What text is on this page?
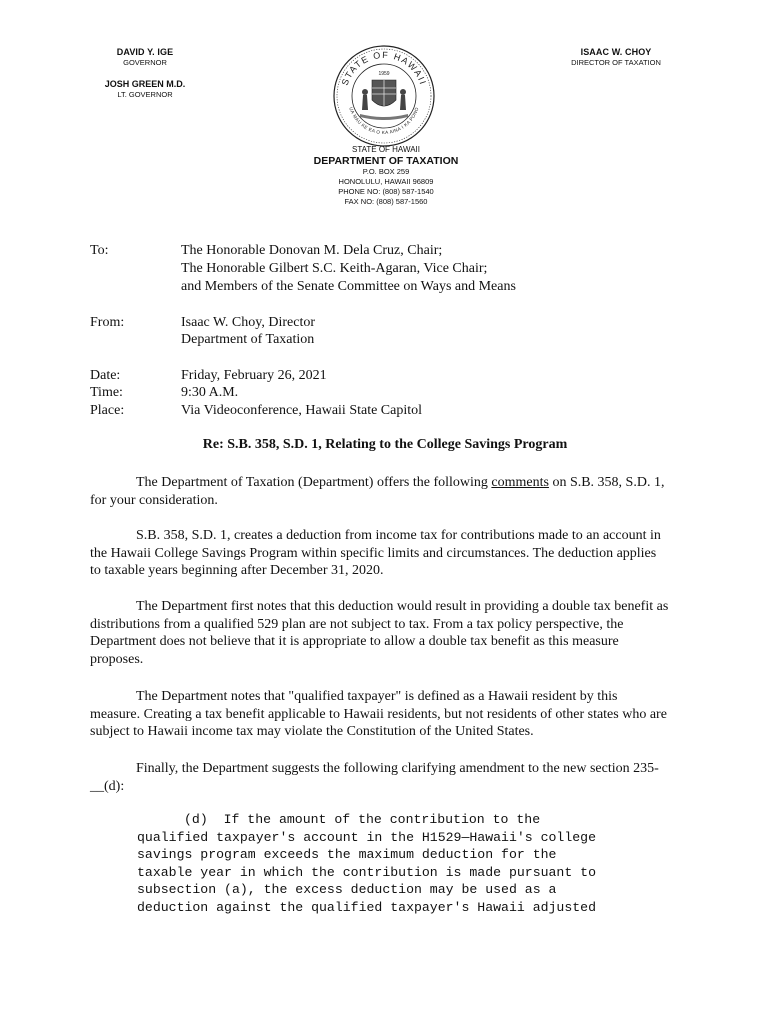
DAVID Y. IGE
GOVERNOR
JOSH GREEN M.D.
LT. GOVERNOR
ISAAC W. CHOY
DIRECTOR OF TAXATION
STATE OF HAWAII
UA MAU KE EA O KA AINA I KA PONO
1959
STATE OF HAWAII
DEPARTMENT OF TAXATION
P.O. BOX 259
HONOLULU, HAWAII 96809
PHONE NO: (808) 587-1540
FAX NO: (808) 587-1560
To:	The Honorable Donovan M. Dela Cruz, Chair;
The Honorable Gilbert S.C. Keith-Agaran, Vice Chair;
and Members of the Senate Committee on Ways and Means
From:	Isaac W. Choy, Director
Department of Taxation
Date:	Friday, February 26, 2021
Time:	9:30 A.M.
Place:	Via Videoconference, Hawaii State Capitol
Re: S.B. 358, S.D. 1, Relating to the College Savings Program
The Department of Taxation (Department) offers the following comments on S.B. 358, S.D. 1, for your consideration.
S.B. 358, S.D. 1, creates a deduction from income tax for contributions made to an account in the Hawaii College Savings Program within specific limits and circumstances. The deduction applies to taxable years beginning after December 31, 2020.
The Department first notes that this deduction would result in providing a double tax benefit as distributions from a qualified 529 plan are not subject to tax. From a tax policy perspective, the Department does not believe that it is appropriate to allow a double tax benefit as this measure proposes.
The Department notes that "qualified taxpayer" is defined as a Hawaii resident by this measure. Creating a tax benefit applicable to Hawaii residents, but not residents of other states who are subject to Hawaii income tax may violate the Constitution of the United States.
Finally, the Department suggests the following clarifying amendment to the new section 235-__(d):
(d)  If the amount of the contribution to the
qualified taxpayer's account in the H1529—Hawaii's college
savings program exceeds the maximum deduction for the
taxable year in which the contribution is made pursuant to
subsection (a), the excess deduction may be used as a
deduction against the qualified taxpayer's Hawaii adjusted
